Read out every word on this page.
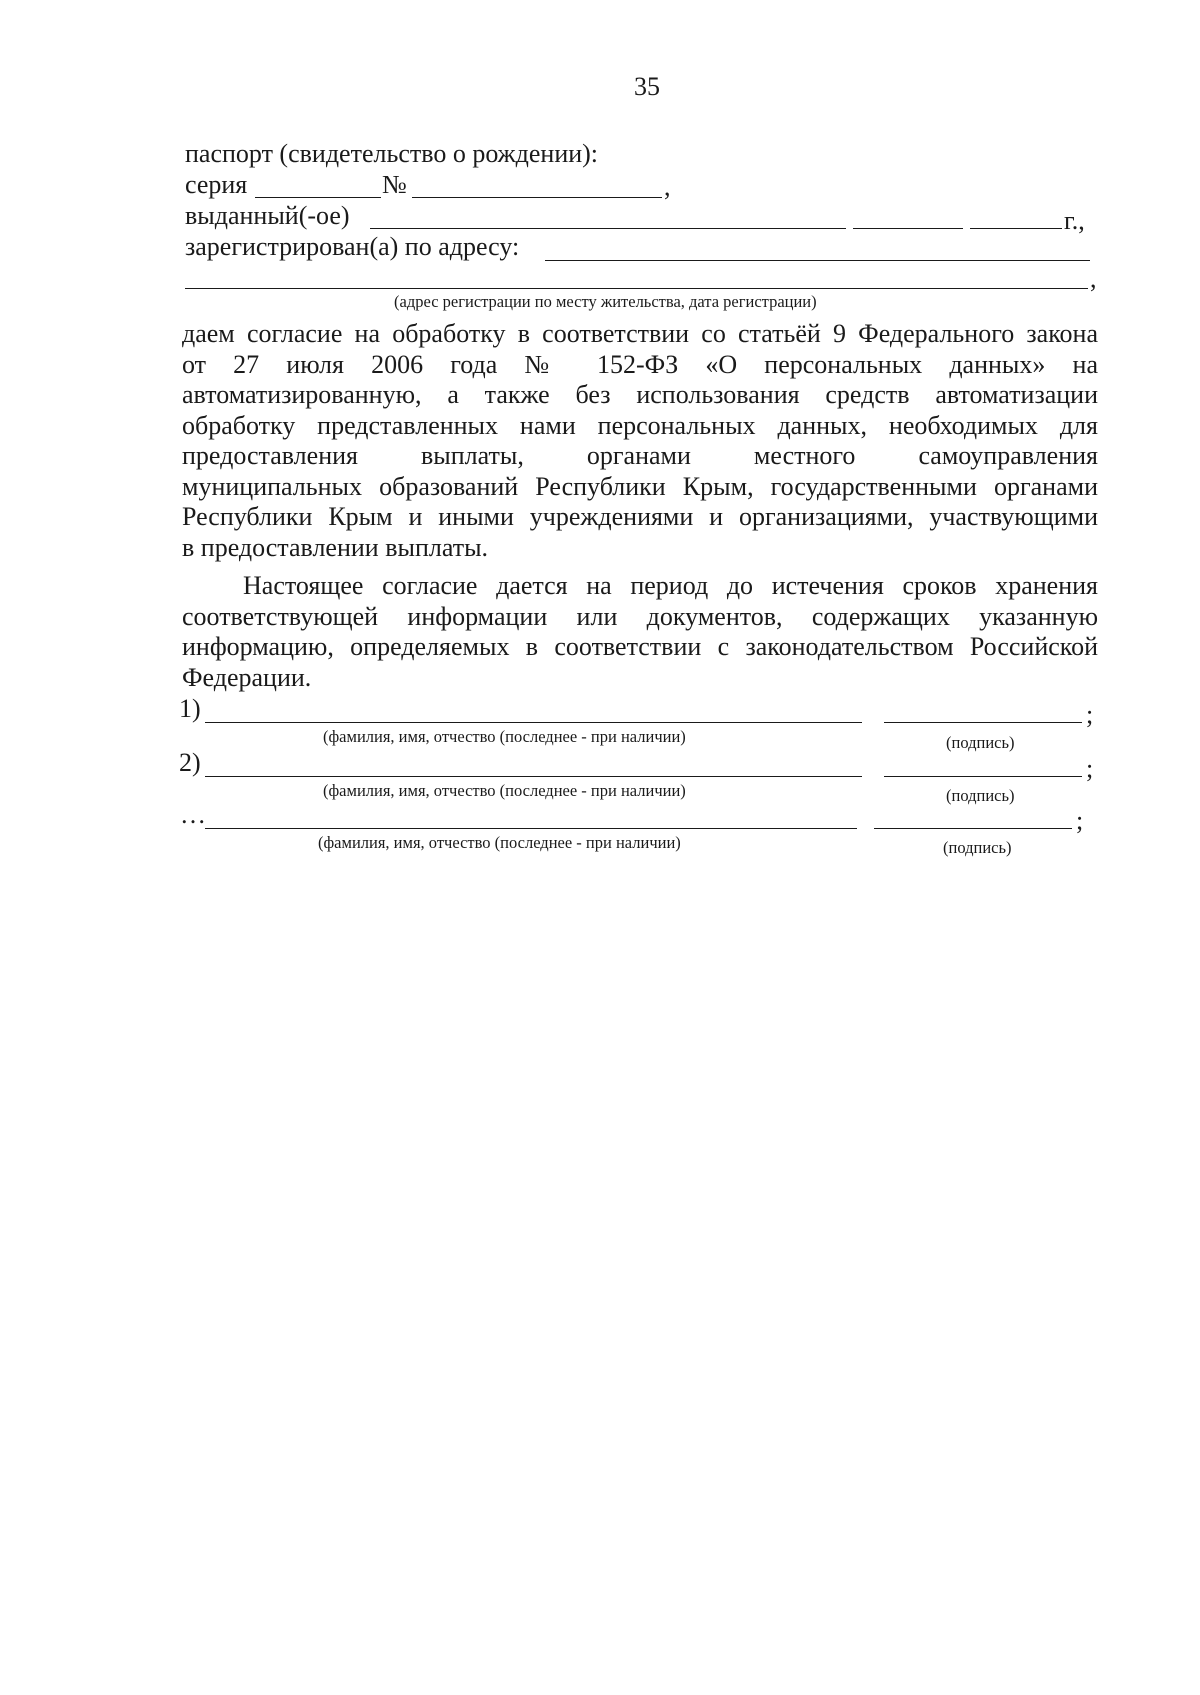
35
паспорт (свидетельство о рождении):
серия	№	,
выданный(-ое)	г.,
зарегистрирован(а) по адресу:
,
(адрес регистрации по месту жительства, дата регистрации)
даем согласие на обработку в соответствии со статьёй 9 Федерального закона
от 27 июля 2006 года № 152-ФЗ «О персональных данных» на
автоматизированную, а также без использования средств автоматизации
обработку представленных нами персональных данных, необходимых для
предоставления выплаты, органами местного самоуправления
муниципальных образований Республики Крым, государственными органами
Республики Крым и иными учреждениями и организациями, участвующими
в предоставлении выплаты.
Настоящее согласие дается на период до истечения сроков хранения
соответствующей информации или документов, содержащих указанную
информацию, определяемых в соответствии с законодательством Российской
Федерации.
1)	;
(фамилия, имя, отчество (последнее - при наличии)	(подпись)
2)	;
(фамилия, имя, отчество (последнее - при наличии)	(подпись)
…	;
(фамилия, имя, отчество (последнее - при наличии)	(подпись)
